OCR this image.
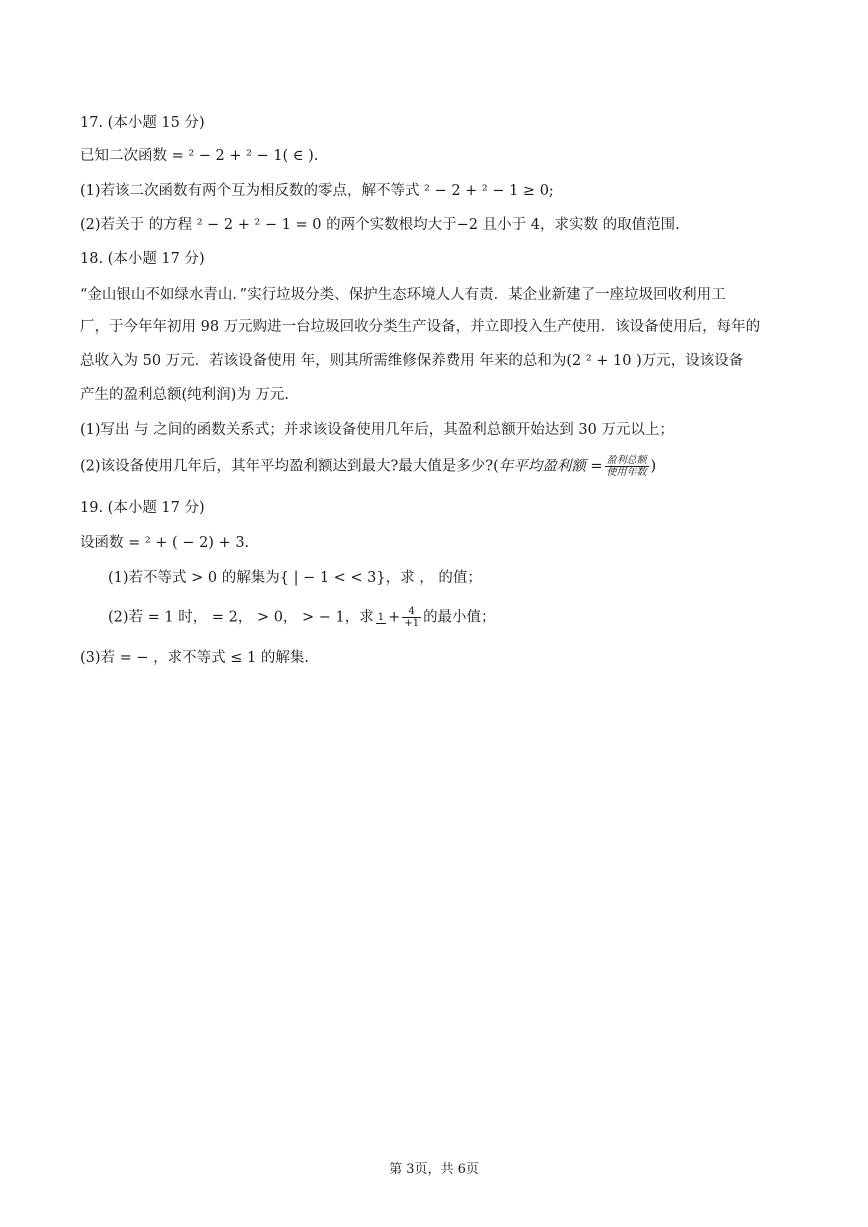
17. (本小题 15 分)
已知二次函数 = ² − 2 + ² − 1( ∈ ).
(1)若该二次函数有两个互为相反数的零点，解不等式 ² − 2 + ² − 1 ≥ 0;
(2)若关于 的方程 ² − 2 + ² − 1 = 0 的两个实数根均大于−2 且小于 4，求实数 的取值范围.
18. (本小题 17 分)
“金山银山不如绿水青山．”实行垃圾分类、保护生态环境人人有责．某企业新建了一座垃圾回收利用工
厂，于今年年初用 98 万元购进一台垃圾回收分类生产设备，并立即投入生产使用．该设备使用后，每年的
总收入为 50 万元．若该设备使用 年，则其所需维修保养费用 年来的总和为(2 ² + 10 )万元，设该设备
产生的盈利总额(纯利润)为 万元.
(1)写出 与 之间的函数关系式；并求该设备使用几年后，其盈利总额开始达到 30 万元以上；
(2)该设备使用几年后，其年平均盈利额达到最大?最大值是多少?(年平均盈利额 = $\frac{\text{盈利总额}}{\text{使用年数}}$ )
19. (本小题 17 分)
设函数 = ² + ( − 2) + 3.
(1)若不等式 > 0 的解集为{ | − 1 < < 3}，求 ， 的值；
(2)若 = 1 时， = 2， > 0， > − 1，求 $1 + \frac{4}{+1}$ 的最小值；
(3)若 = − ，求不等式 ≤ 1 的解集.
第 3页，共 6页
